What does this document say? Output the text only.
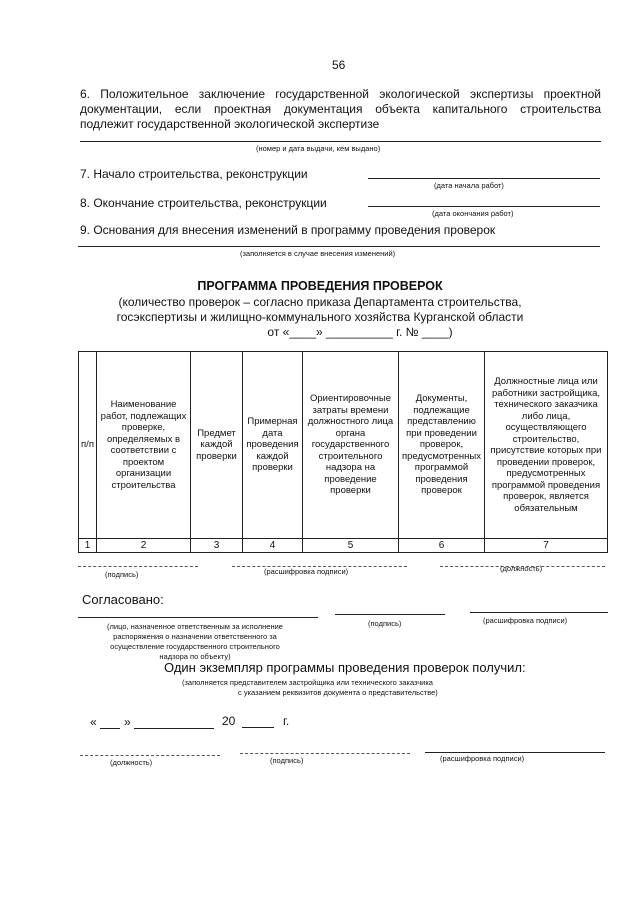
56
6. Положительное заключение государственной экологической экспертизы проектной
документации, если проектная документация объекта капитального строительства
подлежит государственной экологической экспертизе
(номер и дата выдачи, кем выдано)
7. Начало строительства, реконструкции
(дата начала работ)
8. Окончание строительства, реконструкции
(дата окончания работ)
9. Основания для внесения изменений в программу проведения проверок
(заполняется в случае внесения изменений)
ПРОГРАММА ПРОВЕДЕНИЯ ПРОВЕРОК
(количество проверок – согласно приказа Департамента строительства,
госэкспертизы и жилищно-коммунального хозяйства Курганской области
от «____» __________ г. № ____)
п/п	Наименование работ, подлежащих проверке, определяемых в соответствии с проектом организации строительства	Предмет каждой проверки	Примерная дата проведения каждой проверки	Ориентировочные затраты времени должностного лица органа государственного строительного надзора на проведение проверки	Документы, подлежащие представлению при проведении проверок, предусмотренных программой проведения проверок	Должностные лица или работники застройщика, технического заказчика либо лица, осуществляющего строительство, присутствие которых при проведении проверок, предусмотренных программой проведения проверок, является обязательным
1	2	3	4	5	6	7
(подпись)	(расшифровка подписи)	(должность)
Согласовано:
(лицо, назначенное ответственным за исполнение
распоряжения о назначении ответственного за
осуществление государственного строительного
надзора по объекту)
(подпись)	(расшифровка подписи)
Один экземпляр программы проведения проверок получил:
(заполняется представителем застройщика или технического заказчика
с указанием реквизитов документа о представительстве)
« »	20	г.
(должность)	(подпись)	(расшифровка подписи)
